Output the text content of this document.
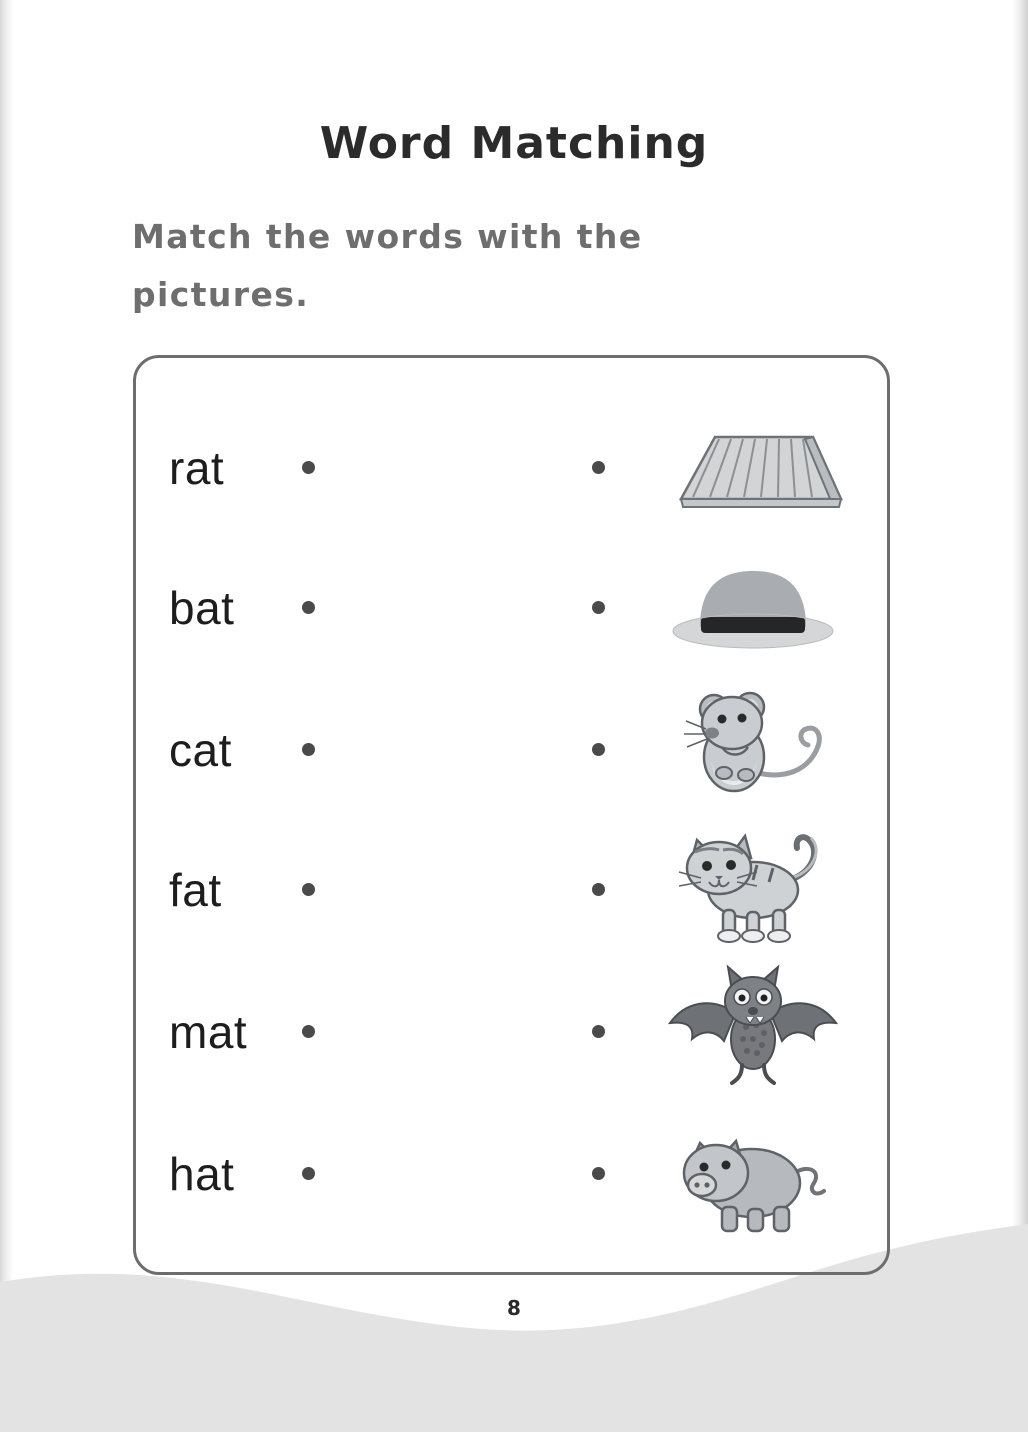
Word Matching
Match the words with the pictures.
rat
bat
cat
fat
mat
hat
8
